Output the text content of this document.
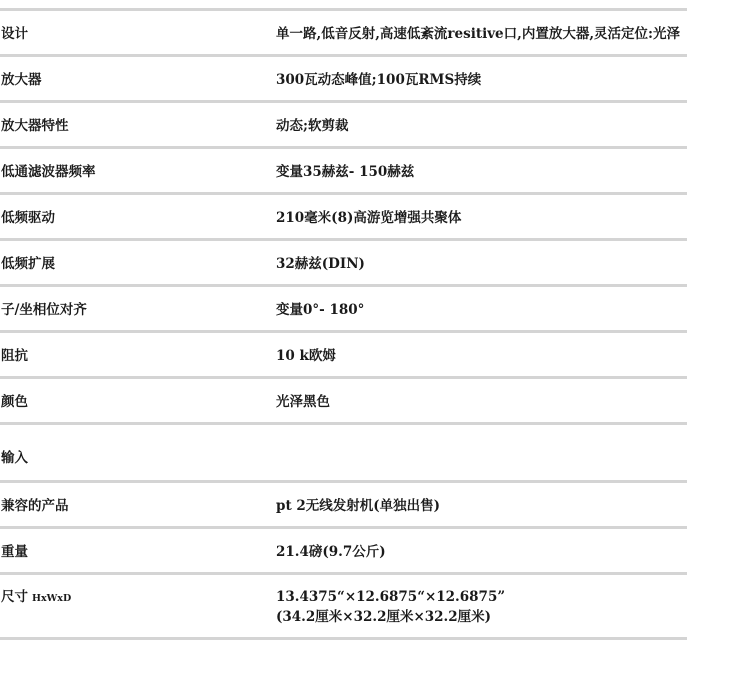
设计	单一路,低音反射,高速低紊流resitive口,内置放大器,灵活定位:光泽
放大器	300瓦动态峰值;100瓦RMS持续
放大器特性	动态;软剪裁
低通滤波器频率	变量35赫兹- 150赫兹
低频驱动	210毫米(8)高游览增强共聚体
低频扩展	32赫兹(DIN)
子/坐相位对齐	变量0°- 180°
阻抗	10 k欧姆
颜色	光泽黑色
输入
兼容的产品	pt 2无线发射机(单独出售)
重量	21.4磅(9.7公斤)
尺寸 HxWxD	13.4375“×12.6875“×12.6875”
(34.2厘米×32.2厘米×32.2厘米)
